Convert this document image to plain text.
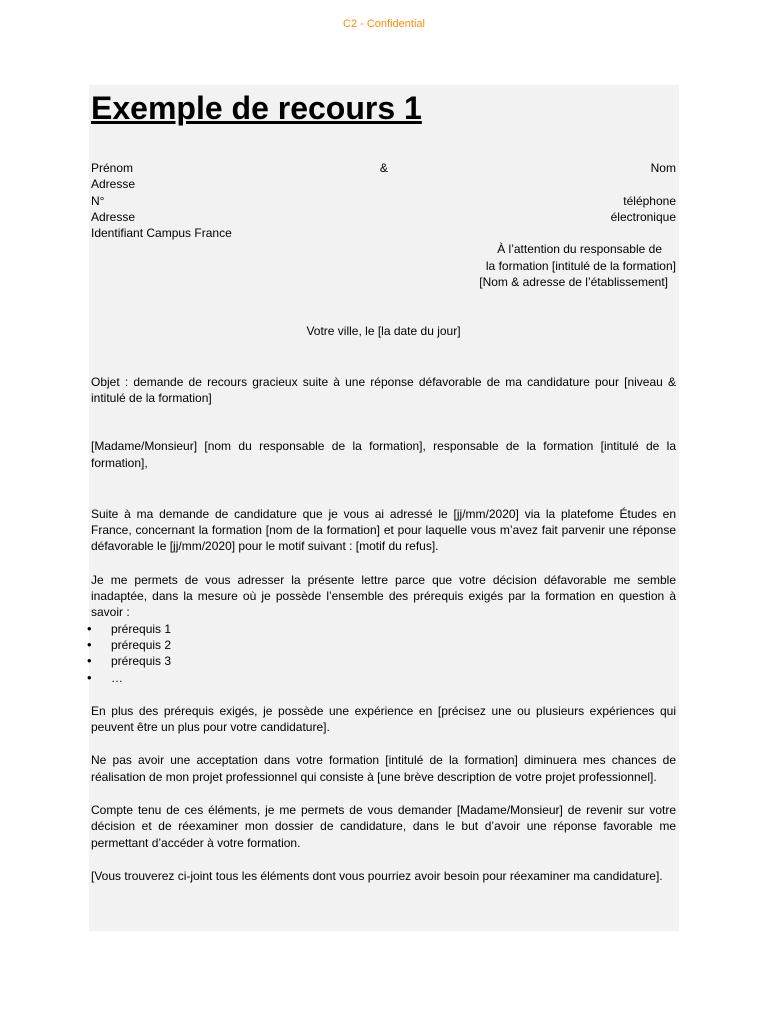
C2 - Confidential
Exemple de recours 1
Prénom	&	Nom
Adresse
N°	téléphone
Adresse	électronique
Identifiant Campus France
À l’attention du responsable de
la formation [intitulé de la formation]
[Nom & adresse de l’établissement]
Votre ville, le [la date du jour]

Objet : demande de recours gracieux suite à une réponse défavorable de ma candidature pour [niveau & intitulé de la formation]

[Madame/Monsieur] [nom du responsable de la formation], responsable de la formation [intitulé de la formation],

Suite à ma demande de candidature que je vous ai adressé le [jj/mm/2020] via la platefome Études en France, concernant la formation [nom de la formation] et pour laquelle vous m’avez fait parvenir une réponse défavorable le [jj/mm/2020] pour le motif suivant : [motif du refus].

Je me permets de vous adresser la présente lettre parce que votre décision défavorable me semble inadaptée, dans la mesure où je possède l’ensemble des prérequis exigés par la formation en question à savoir :

• prérequis 1
• prérequis 2
• prérequis 3
• …

En plus des prérequis exigés, je possède une expérience en [précisez une ou plusieurs expériences qui peuvent être un plus pour votre candidature].

Ne pas avoir une acceptation dans votre formation [intitulé de la formation] diminuera mes chances de réalisation de mon projet professionnel qui consiste à [une brève description de votre projet professionnel].

Compte tenu de ces éléments, je me permets de vous demander [Madame/Monsieur] de revenir sur votre décision et de réexaminer mon dossier de candidature, dans le but d’avoir une réponse favorable me permettant d’accéder à votre formation.

[Vous trouverez ci-joint tous les éléments dont vous pourriez avoir besoin pour réexaminer ma candidature].
